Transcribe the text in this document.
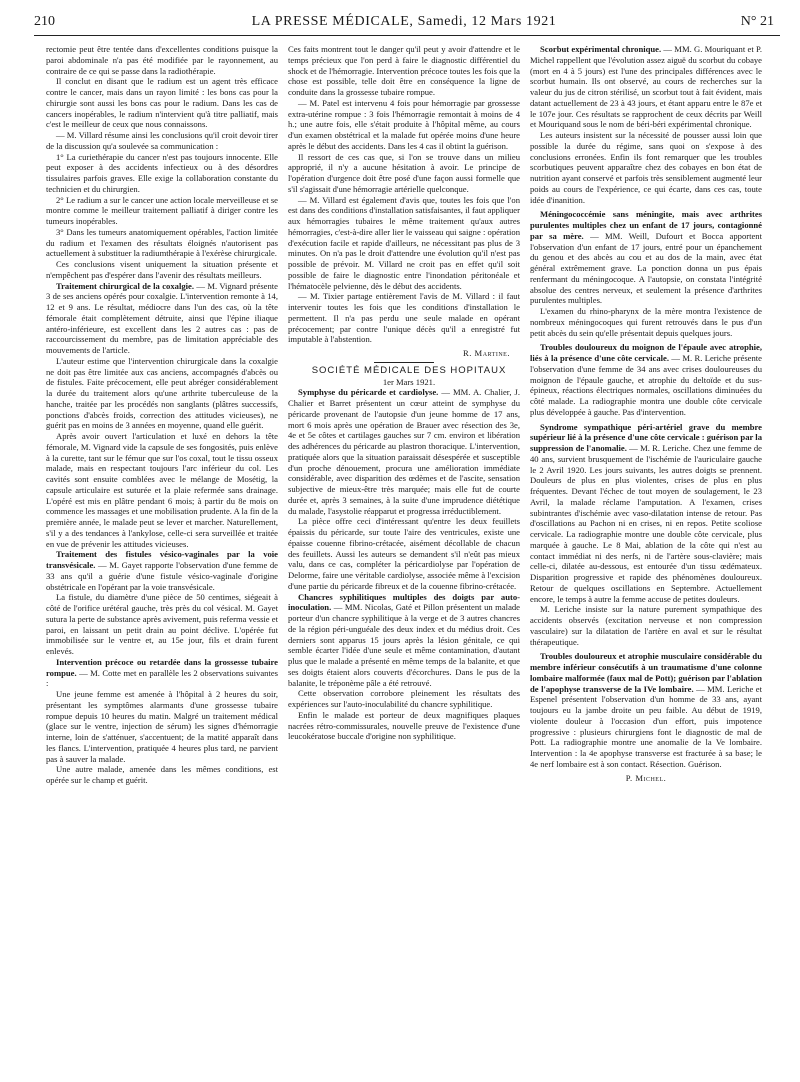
210	LA PRESSE MÉDICALE, Samedi, 12 Mars 1921	N° 21

rectomie peut être tentée dans d'excellentes conditions puisque la paroi abdominale n'a pas été modifiée par le rayonnement, au contraire de ce qui se passe dans la radiothérapie.

Il conclut en disant que le radium est un agent très efficace contre le cancer, mais dans un rayon limité : les bons cas pour la chirurgie sont aussi les bons cas pour le radium. Dans les cas de cancers inopérables, le radium n'intervient qu'à titre palliatif, mais c'est le meilleur de ceux que nous connaissons.

— M. Villard résume ainsi les conclusions qu'il croit devoir tirer de la discussion qu'a soulevée sa communication :

1° La curiethérapie du cancer n'est pas toujours innocente. Elle peut exposer à des accidents infectieux ou à des désordres tissulaires parfois graves. Elle exige la collaboration constante du technicien et du chirurgien.

2° Le radium a sur le cancer une action locale merveilleuse et se montre comme le meilleur traitement palliatif à diriger contre les tumeurs inopérables.

3° Dans les tumeurs anatomiquement opérables, l'action limitée du radium et l'examen des résultats éloignés n'autorisent pas actuellement à substituer la radiumthérapie à l'exérèse chirurgicale.

Ces conclusions visent uniquement la situation présente et n'empêchent pas d'espérer dans l'avenir des résultats meilleurs.

Traitement chirurgical de la coxalgie. — M. Vignard présente 3 de ses anciens opérés pour coxalgie. L'intervention remonte à 14, 12 et 9 ans. Le résultat, médiocre dans l'un des cas, où la tête fémorale était complètement détruite, ainsi que l'épine iliaque antéro-inférieure, est excellent dans les 2 autres cas : pas de raccourcissement du membre, pas de limitation appréciable des mouvements de l'article.

L'auteur estime que l'intervention chirurgicale dans la coxalgie ne doit pas être limitée aux cas anciens, accompagnés d'abcès ou de fistules. Faite précocement, elle peut abréger considérablement la durée du traitement alors qu'une arthrite tuberculeuse de la hanche, traitée par les procédés non sanglants (plâtres successifs, ponctions d'abcès froids, correction des attitudes vicieuses), ne guérit pas en moins de 3 années en moyenne, quand elle guérit.

Après avoir ouvert l'articulation et luxé en dehors la tête fémorale, M. Vignard vide la capsule de ses fongosités, puis enlève à la curette, tant sur le fémur que sur l'os coxal, tout le tissu osseux malade, mais en respectant toujours l'arc inférieur du col. Les cavités sont ensuite comblées avec le mélange de Mosétig, la capsule articulaire est suturée et la plaie refermée sans drainage. L'opéré est mis en plâtre pendant 6 mois; à partir du 8e mois on commence les massages et une mobilisation prudente. A la fin de la première année, le malade peut se lever et marcher. Naturellement, s'il y a des tendances à l'ankylose, celle-ci sera surveillée et traitée en vue de prévenir les attitudes vicieuses.

Traitement des fistules vésico-vaginales par la voie transvésicale. — M. Gayet rapporte l'observation d'une femme de 33 ans qu'il a guérie d'une fistule vésico-vaginale d'origine obstétricale en l'opérant par la voie transvésicale.

La fistule, du diamètre d'une pièce de 50 centimes, siégeait à côté de l'orifice urétéral gauche, très près du col vésical. M. Gayet sutura la perte de substance après avivement, puis referma vessie et paroi, en laissant un petit drain au point déclive. L'opérée fut immobilisée sur le ventre et, au 15e jour, fils et drain furent enlevés.

Intervention précoce ou retardée dans la grossesse tubaire rompue. — M. Cotte met en parallèle les 2 observations suivantes :

Une jeune femme est amenée à l'hôpital à 2 heures du soir, présentant les symptômes alarmants d'une grossesse tubaire rompue depuis 10 heures du matin. Malgré un traitement médical (glace sur le ventre, injection de sérum) les signes d'hémorragie interne, loin de s'atténuer, s'accentuent; de la matité apparaît dans les flancs. L'intervention, pratiquée 4 heures plus tard, ne parvient pas à sauver la malade.

Une autre malade, amenée dans les mêmes conditions, est opérée sur le champ et guérit.

Ces faits montrent tout le danger qu'il peut y avoir d'attendre et le temps précieux que l'on perd à faire le diagnostic différentiel du shock et de l'hémorragie. Intervention précoce toutes les fois que la chose est possible, telle doit être en conséquence la ligne de conduite dans la grossesse tubaire rompue.

— M. Patel est intervenu 4 fois pour hémorragie par grossesse extra-utérine rompue : 3 fois l'hémorragie remontait à moins de 4 h.; une autre fois, elle s'était produite à l'hôpital même, au cours d'un examen obstétrical et la malade fut opérée moins d'une heure après le début des accidents. Dans les 4 cas il obtint la guérison.

Il ressort de ces cas que, si l'on se trouve dans un milieu approprié, il n'y a aucune hésitation à avoir. Le principe de l'opération d'urgence doit être posé d'une façon aussi formelle que s'il s'agissait d'une hémorragie artérielle quelconque.

— M. Villard est également d'avis que, toutes les fois que l'on est dans des conditions d'installation satisfaisantes, il faut appliquer aux hémorragies tubaires le même traitement qu'aux autres hémorragies, c'est-à-dire aller lier le vaisseau qui saigne : opération d'exécution facile et rapide d'ailleurs, ne nécessitant pas plus de 3 minutes. On n'a pas le droit d'attendre une évolution qu'il n'est pas possible de prévoir. M. Villard ne croit pas en effet qu'il soit possible de faire le diagnostic entre l'inondation péritonéale et l'hématocèle pelvienne, dès le début des accidents.

— M. Tixier partage entièrement l'avis de M. Villard : il faut intervenir toutes les fois que les conditions d'installation le permettent. Il n'a pas perdu une seule malade en opérant précocement; par contre l'unique décès qu'il a enregistré fut imputable à l'abstention.

R. Martine.

SOCIÉTÉ MÉDICALE DES HOPITAUX

1er Mars 1921.

Symphyse du péricarde et cardiolyse. — MM. A. Chalier, J. Chalier et Barret présentent un cœur atteint de symphyse du péricarde provenant de l'autopsie d'un jeune homme de 17 ans, mort 6 mois après une opération de Brauer avec résection des 3e, 4e et 5e côtes et cartilages gauches sur 7 cm. environ et libération des adhérences du péricarde au plastron thoracique. L'intervention, pratiquée alors que la situation paraissait désespérée et susceptible d'un proche dénouement, procura une amélioration immédiate considérable, avec disparition des œdèmes et de l'ascite, sensation subjective de mieux-être très marquée; mais elle fut de courte durée et, après 3 semaines, à la suite d'une imprudence diététique du malade, l'asystolie réapparut et progressa irréductiblement.

La pièce offre ceci d'intéressant qu'entre les deux feuillets épaissis du péricarde, sur toute l'aire des ventricules, existe une épaisse couenne fibrino-crétacée, aisément décollable de chacun des feuillets. Aussi les auteurs se demandent s'il n'eût pas mieux valu, dans ce cas, compléter la péricardiolyse par l'opération de Delorme, faire une véritable cardiolyse, associée même à l'excision d'une partie du péricarde fibreux et de la couenne fibrino-crétacée.

Chancres syphilitiques multiples des doigts par auto-inoculation. — MM. Nicolas, Gaté et Pillon présentent un malade porteur d'un chancre syphilitique à la verge et de 3 autres chancres de la région péri-unguéale des deux index et du médius droit. Ces derniers sont apparus 15 jours après la lésion génitale, ce qui semble écarter l'idée d'une seule et même contamination, d'autant plus que le malade a présenté en même temps de la balanite, et que ses doigts étaient alors couverts d'écorchures. Dans le pus de la balanite, le tréponème pâle a été retrouvé.

Cette observation corrobore pleinement les résultats des expériences sur l'auto-inoculabilité du chancre syphilitique.

Enfin le malade est porteur de deux magnifiques plaques nacrées rétro-commissurales, nouvelle preuve de l'existence d'une leucokératose buccale d'origine non syphilitique.

Scorbut expérimental chronique. — MM. G. Mouriquant et P. Michel rappellent que l'évolution assez aiguë du scorbut du cobaye (mort en 4 à 5 jours) est l'une des principales différences avec le scorbut humain. Ils ont observé, au cours de recherches sur la valeur du jus de citron stérilisé, un scorbut tout à fait évident, mais datant actuellement de 23 à 43 jours, et étant apparu entre le 87e et le 107e jour. Ces résultats se rapprochent de ceux décrits par Weill et Mouriquand sous le nom de béri-béri expérimental chronique.

Les auteurs insistent sur la nécessité de pousser aussi loin que possible la durée du régime, sans quoi on s'expose à des conclusions erronées. Enfin ils font remarquer que les troubles scorbutiques peuvent apparaître chez des cobayes en bon état de nutrition ayant conservé et parfois très sensiblement augmenté leur poids au cours de l'expérience, ce qui écarte, dans ces cas, toute idée d'inanition.

Méningococcémie sans méningite, mais avec arthrites purulentes multiples chez un enfant de 17 jours, contagionné par sa mère. — MM. Weill, Dufourt et Bocca apportent l'observation d'un enfant de 17 jours, entré pour un épanchement du genou et des abcès au cou et au dos de la main, avec état général extrêmement grave. La ponction donna un pus épais renfermant du méningocoque. A l'autopsie, on constata l'intégrité absolue des centres nerveux, et seulement la présence d'arthrites purulentes multiples.

L'examen du rhino-pharynx de la mère montra l'existence de nombreux méningocoques qui furent retrouvés dans le pus d'un petit abcès du sein qu'elle présentait depuis quelques jours.

Troubles douloureux du moignon de l'épaule avec atrophie, liés à la présence d'une côte cervicale. — M. R. Leriche présente l'observation d'une femme de 34 ans avec crises douloureuses du moignon de l'épaule gauche, et atrophie du deltoïde et du sus-épineux, réactions électriques normales, oscillations diminuées du côté malade. La radiographie montra une double côte cervicale plus développée à gauche. Pas d'intervention.

Syndrome sympathique péri-artériel grave du membre supérieur lié à la présence d'une côte cervicale : guérison par la suppression de l'anomalie. — M. R. Leriche. Chez une femme de 40 ans, survient brusquement de l'ischémie de l'auriculaire gauche le 2 Avril 1920. Les jours suivants, les autres doigts se prennent. Douleurs de plus en plus violentes, crises de plus en plus fréquentes. Devant l'échec de tout moyen de soulagement, le 23 Avril, la malade réclame l'amputation. A l'examen, crises subintrantes d'ischémie avec vaso-dilatation intense de retour. Pas d'oscillations au Pachon ni en crises, ni en repos. Petite scoliose cervicale. La radiographie montre une double côte cervicale, plus marquée à gauche. Le 8 Mai, ablation de la côte qui n'est au contact immédiat ni des nerfs, ni de l'artère sous-clavière; mais celle-ci, dilatée au-dessous, est entourée d'un tissu œdémateux. Disparition progressive et rapide des phénomènes douloureux. Retour de quelques oscillations en Septembre. Actuellement encore, le temps à autre la femme accuse de petites douleurs.

M. Leriche insiste sur la nature purement sympathique des accidents observés (excitation nerveuse et non compression vasculaire) sur la dilatation de l'artère en aval et sur le résultat thérapeutique.

Troubles douloureux et atrophie musculaire considérable du membre inférieur consécutifs à un traumatisme d'une colonne lombaire malformée (faux mal de Pott); guérison par l'ablation de l'apophyse transverse de la IVe lombaire. — MM. Leriche et Espenel présentent l'observation d'un homme de 33 ans, ayant toujours eu la jambe droite un peu faible. Au début de 1919, violente douleur à l'occasion d'un effort, puis impotence progressive : plusieurs chirurgiens font le diagnostic de mal de Pott. La radiographie montre une anomalie de la Ve lombaire. Intervention : la 4e apophyse transverse est fracturée à sa base; le 4e nerf lombaire est à son contact. Résection. Guérison.

P. Michel.
